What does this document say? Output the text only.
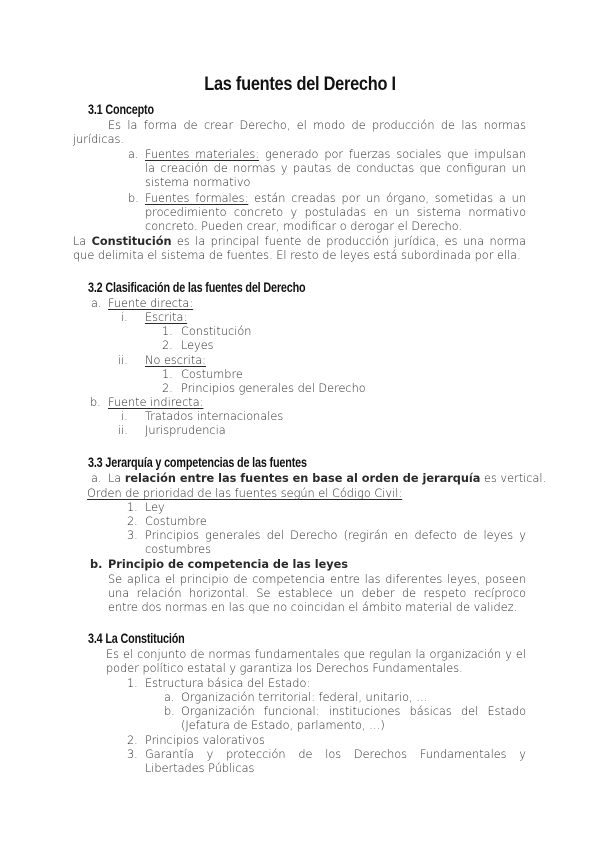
Las fuentes del Derecho I
3.1 Concepto
Es la forma de crear Derecho, el modo de producción de las normas
jurídicas.
a. Fuentes materiales: generado por fuerzas sociales que impulsan
la creación de normas y pautas de conductas que configuran un
sistema normativo
b. Fuentes formales: están creadas por un órgano, sometidas a un
procedimiento concreto y postuladas en un sistema normativo
concreto. Pueden crear, modificar o derogar el Derecho.
La Constitución es la principal fuente de producción jurídica, es una norma
que delimita el sistema de fuentes. El resto de leyes está subordinada por ella.
3.2 Clasificación de las fuentes del Derecho
a. Fuente directa:
i. Escrita:
1. Constitución
2. Leyes
ii. No escrita:
1. Costumbre
2. Principios generales del Derecho
b. Fuente indirecta:
i. Tratados internacionales
ii. Jurisprudencia
3.3 Jerarquía y competencias de las fuentes
a. La relación entre las fuentes en base al orden de jerarquía es vertical.
Orden de prioridad de las fuentes según el Código Civil:
1. Ley
2. Costumbre
3. Principios generales del Derecho (regirán en defecto de leyes y
costumbres
b. Principio de competencia de las leyes
Se aplica el principio de competencia entre las diferentes leyes, poseen
una relación horizontal. Se establece un deber de respeto recíproco
entre dos normas en las que no coincidan el ámbito material de validez.
3.4 La Constitución
Es el conjunto de normas fundamentales que regulan la organización y el
poder político estatal y garantiza los Derechos Fundamentales.
1. Estructura básica del Estado:
a. Organización territorial: federal, unitario, …
b. Organización funcional: instituciones básicas del Estado
(Jefatura de Estado, parlamento, …)
2. Principios valorativos
3. Garantía y protección de los Derechos Fundamentales y
Libertades Públicas
